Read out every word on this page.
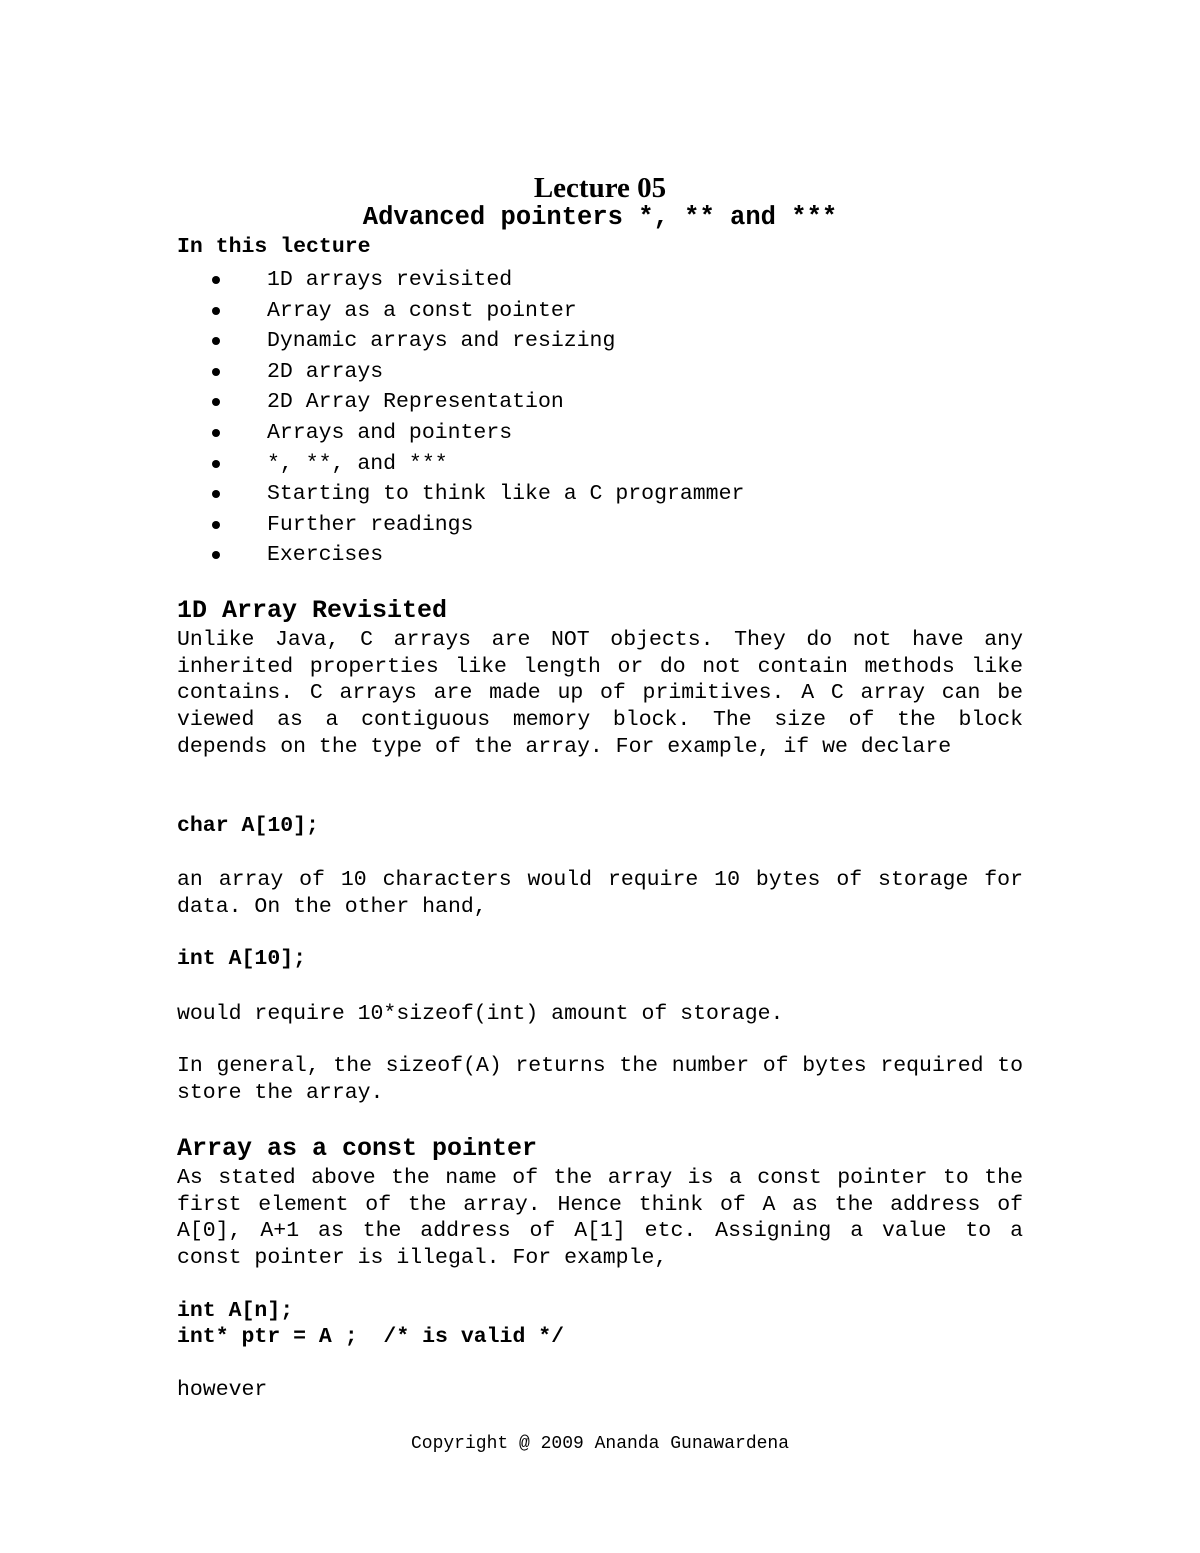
Lecture 05
Advanced pointers *, ** and ***
In this lecture
1D arrays revisited
Array as a const pointer
Dynamic arrays and resizing
2D arrays
2D Array Representation
Arrays and pointers
*, **, and ***
Starting to think like a C programmer
Further readings
Exercises
1D Array Revisited
Unlike Java, C arrays are NOT objects. They do not have any inherited properties like length or do not contain methods like contains. C arrays are made up of primitives. A C array can be viewed as a contiguous memory block. The size of the block depends on the type of the array. For example, if we declare
char A[10];
an array of 10 characters would require 10 bytes of storage for data. On the other hand,
int A[10];
would require 10*sizeof(int) amount of storage.
In general, the sizeof(A) returns the number of bytes required to store the array.
Array as a const pointer
As stated above the name of the array is a const pointer to the first element of the array. Hence think of A as the address of A[0], A+1 as the address of A[1] etc. Assigning a value to a const pointer is illegal. For example,
int A[n];
int* ptr = A ;  /* is valid */
however
Copyright @ 2009 Ananda Gunawardena
